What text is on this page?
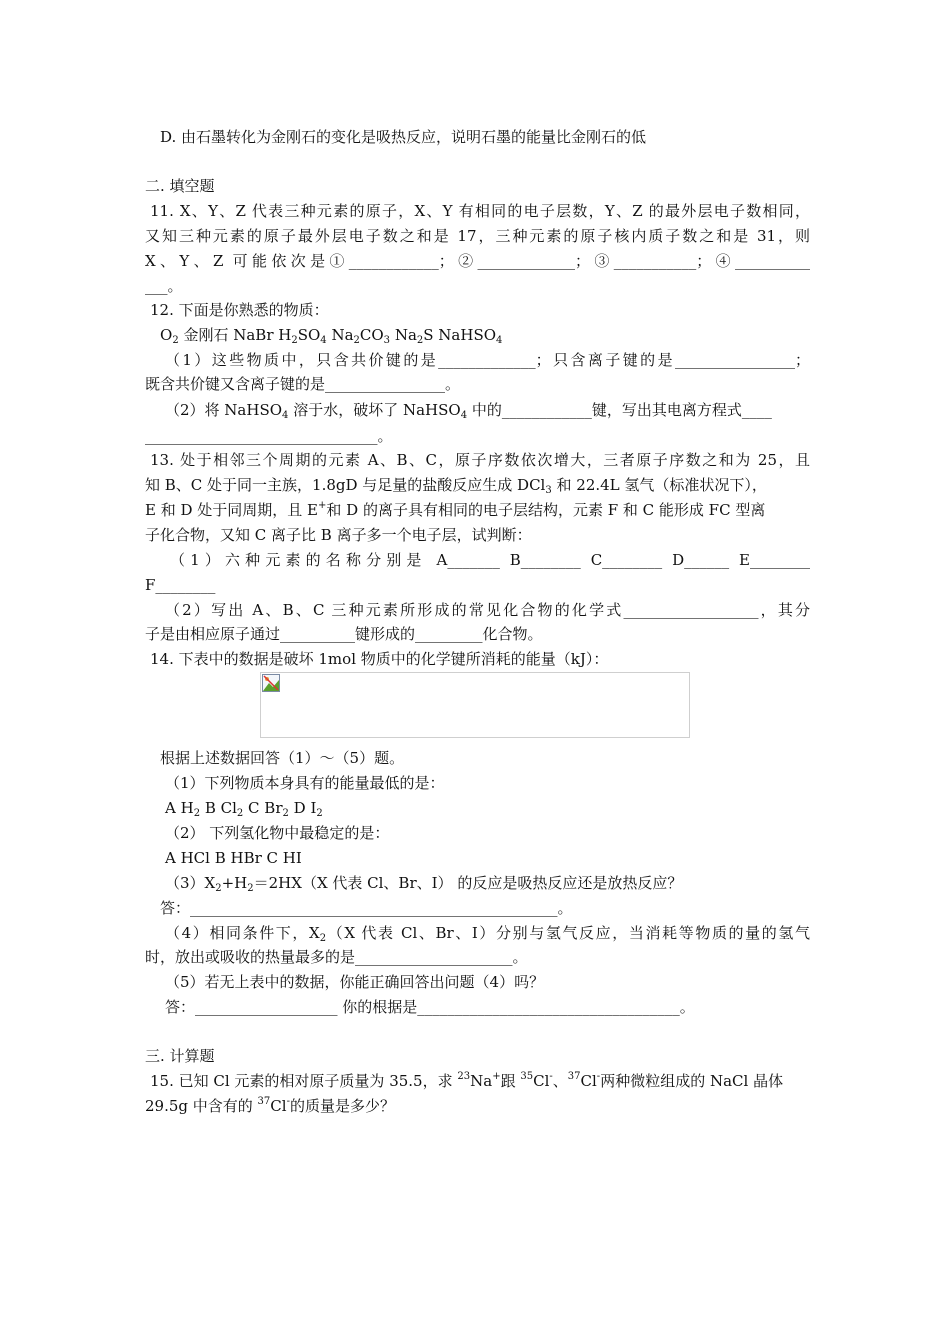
D. 由石墨转化为金刚石的变化是吸热反应，说明石墨的能量比金刚石的低
二. 填空题
11. X、Y、Z 代表三种元素的原子，X、Y 有相同的电子层数，Y、Z 的最外层电子数相同，
又知三种元素的原子最外层电子数之和是 17，三种元素的原子核内质子数之和是 31，则
X、Y、Z 可能依次是①____________；②_____________；③___________；④__________
___。
12. 下面是你熟悉的物质：
$O_2$ 金刚石 NaBr $H_2SO_4$ $Na_2CO_3$ $Na_2S$ NaHSO$_4$
（1）这些物质中，只含共价键的是_____________；只含离子键的是________________；
既含共价键又含离子键的是________________。
（2）将 NaHSO$_4$ 溶于水，破坏了 NaHSO$_4$ 中的____________键，写出其电离方程式____
_______________________________。
13. 处于相邻三个周期的元素 A、B、C，原子序数依次增大，三者原子序数之和为 25，且
知 B、C 处于同一主族，1.8gD 与足量的盐酸反应生成 DCl$_3$ 和 22.4L 氢气（标准状况下），
E 和 D 处于同周期，且 E+和 D 的离子具有相同的电子层结构，元素 F 和 C 能形成 FC 型离
子化合物，又知 C 离子比 B 离子多一个电子层，试判断：
（1）六种元素的名称分别是 A_______ B________ C________ D______ E________
F________
（2）写出 A、B、C 三种元素所形成的常见化合物的化学式__________________，其分
子是由相应原子通过__________键形成的_________化合物。
14. 下表中的数据是破坏 1mol 物质中的化学键所消耗的能量（kJ）：
根据上述数据回答（1）～（5）题。
（1）下列物质本身具有的能量最低的是：
A $H_2$ B $Cl_2$ C $Br_2$ D $I_2$
（2） 下列氢化物中最稳定的是：
A HCl B HBr C HI
$(3)X_2+H_2=2HX(X$ 代表 Cl、Br、I） 的反应是吸热反应还是放热反应？
答：_________________________________________________。
（4）相同条件下，$X_2(X$ 代表 Cl、Br、I）分别与氢气反应，当消耗等物质的量的氢气
时，放出或吸收的热量最多的是_____________________。
（5）若无上表中的数据，你能正确回答出问题（4）吗？
答：___________________ 你的根据是___________________________________。
三. 计算题
15. 已知 Cl 元素的相对原子质量为 35.5，求 $^{23}$Na+跟 $^{35}$Cl-、$^{37}$Cl-两种微粒组成的 NaCl 晶体
29.5g 中含有的 $^{37}$Cl-的质量是多少？
